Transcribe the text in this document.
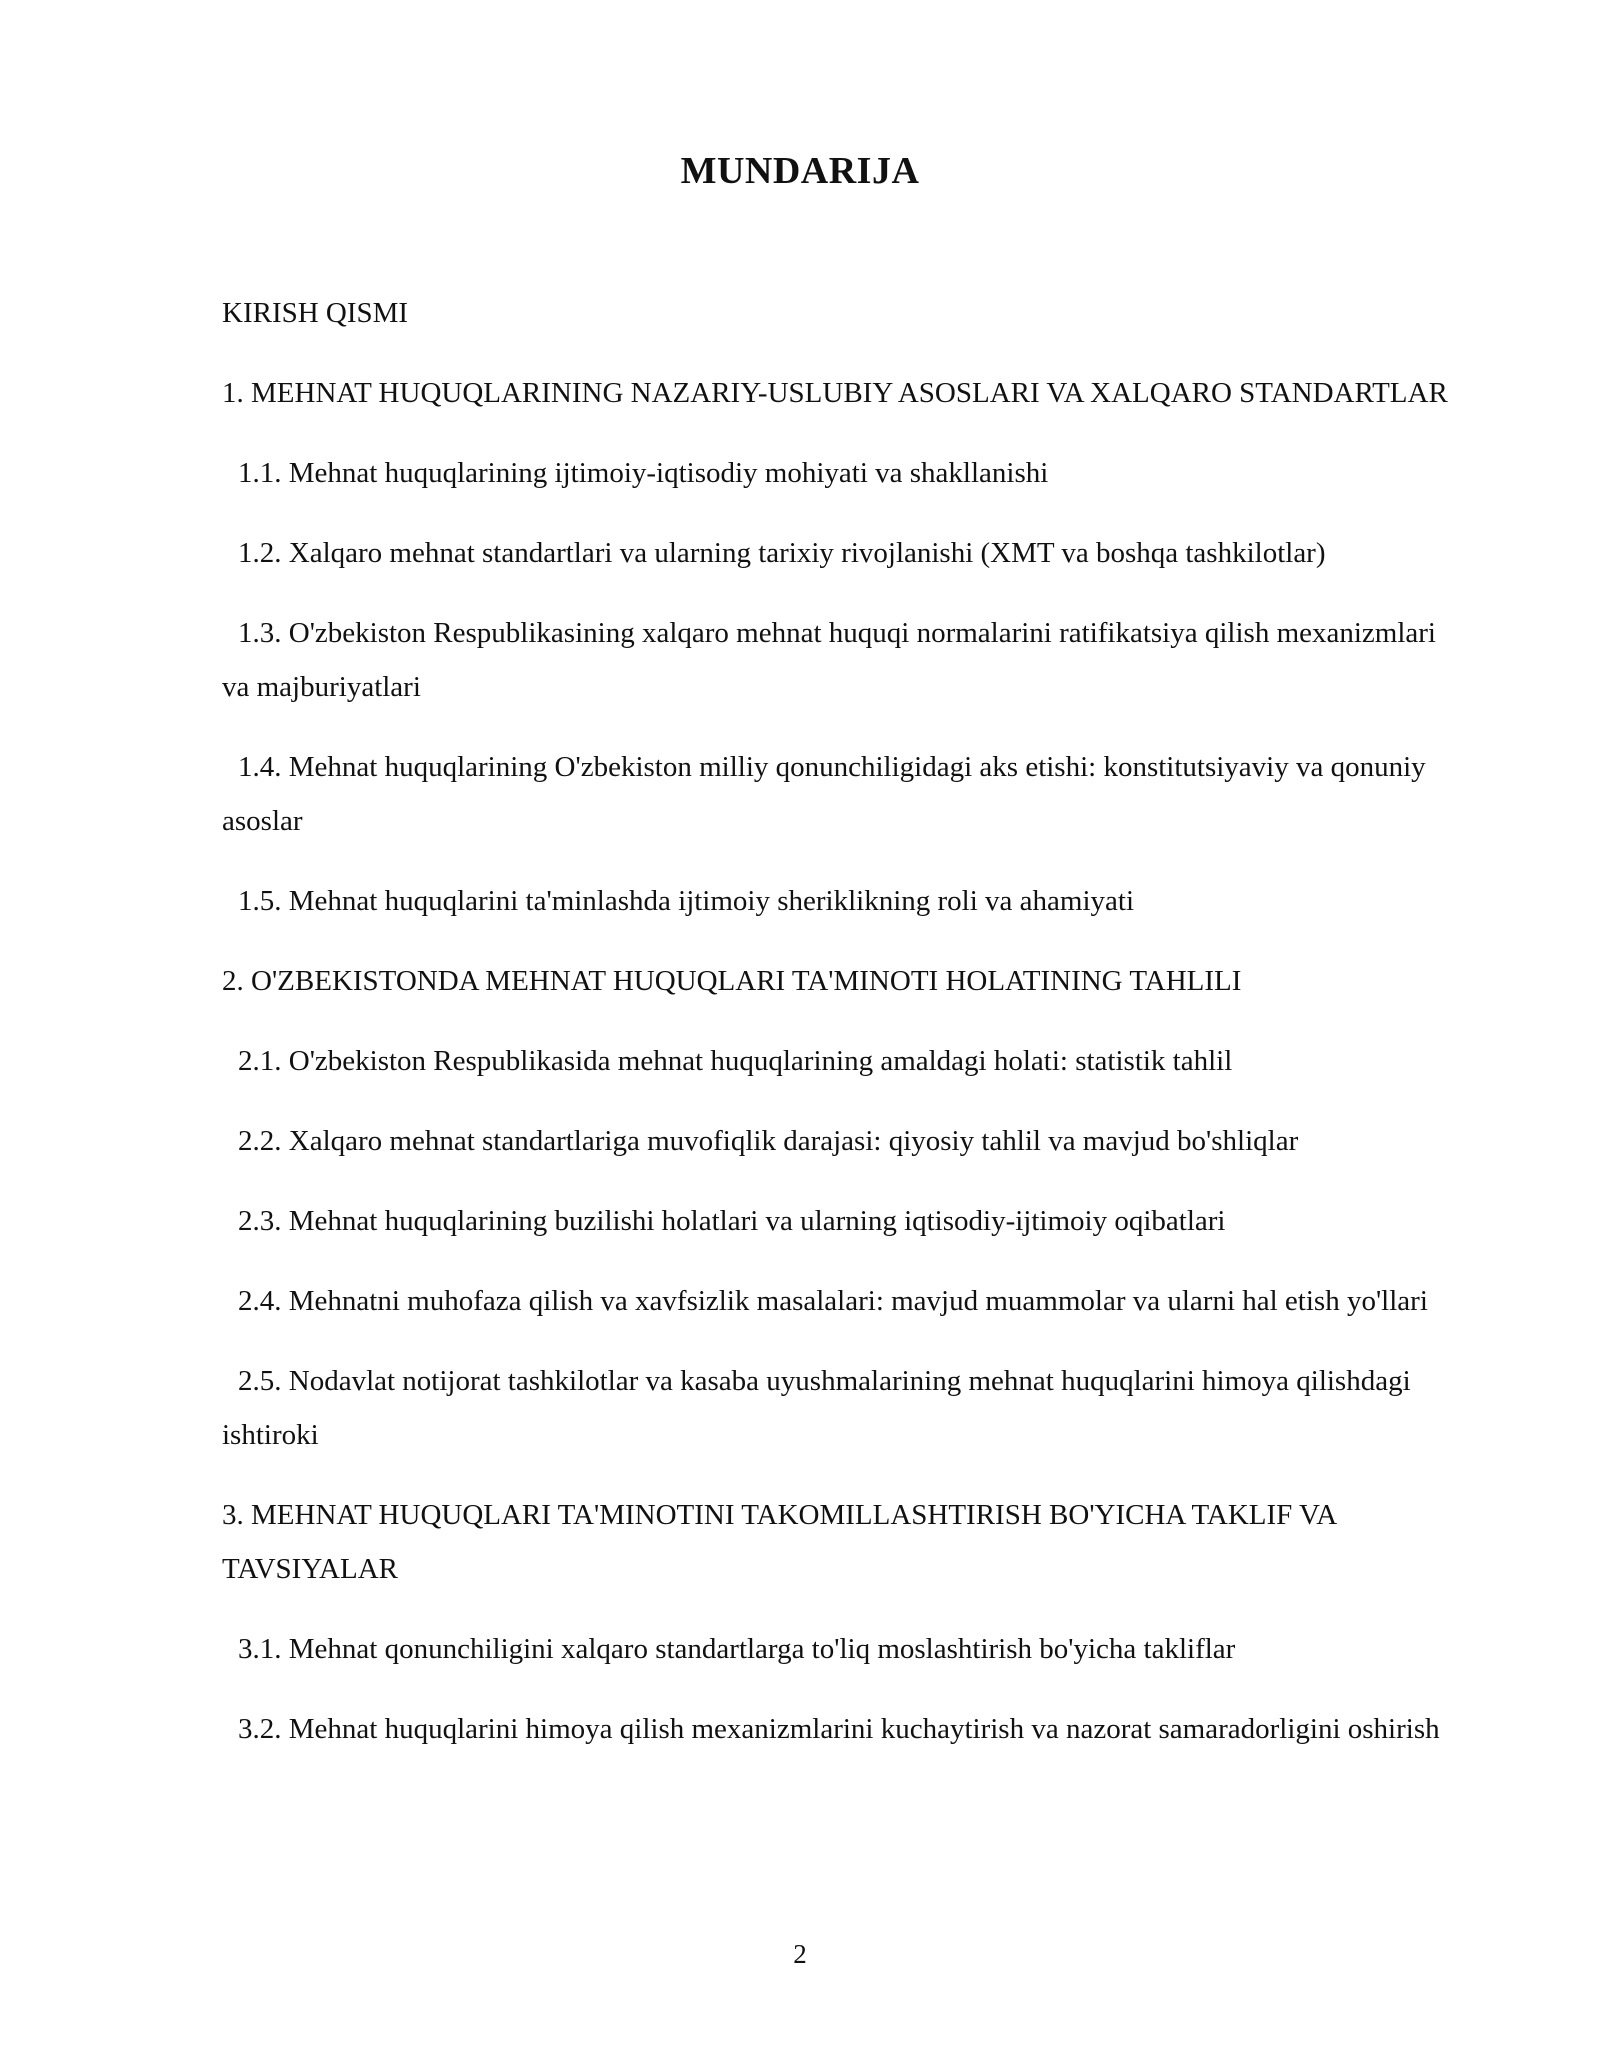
MUNDARIJA

KIRISH QISMI

1. MEHNAT HUQUQLARINING NAZARIY-USLUBIY ASOSLARI VA XALQARO STANDARTLAR

1.1. Mehnat huquqlarining ijtimoiy-iqtisodiy mohiyati va shakllanishi

1.2. Xalqaro mehnat standartlari va ularning tarixiy rivojlanishi (XMT va boshqa tashkilotlar)

1.3. O'zbekiston Respublikasining xalqaro mehnat huquqi normalarini ratifikatsiya qilish mexanizmlari va majburiyatlari

1.4. Mehnat huquqlarining O'zbekiston milliy qonunchiligidagi aks etishi: konstitutsiyaviy va qonuniy asoslar

1.5. Mehnat huquqlarini ta'minlashda ijtimoiy sheriklikning roli va ahamiyati

2. O'ZBEKISTONDA MEHNAT HUQUQLARI TA'MINOTI HOLATINING TAHLILI

2.1. O'zbekiston Respublikasida mehnat huquqlarining amaldagi holati: statistik tahlil

2.2. Xalqaro mehnat standartlariga muvofiqlik darajasi: qiyosiy tahlil va mavjud bo'shliqlar

2.3. Mehnat huquqlarining buzilishi holatlari va ularning iqtisodiy-ijtimoiy oqibatlari

2.4. Mehnatni muhofaza qilish va xavfsizlik masalalari: mavjud muammolar va ularni hal etish yo'llari

2.5. Nodavlat notijorat tashkilotlar va kasaba uyushmalarining mehnat huquqlarini himoya qilishdagi ishtiroki

3. MEHNAT HUQUQLARI TA'MINOTINI TAKOMILLASHTIRISH BO'YICHA TAKLIF VA TAVSIYALAR

3.1. Mehnat qonunchiligini xalqaro standartlarga to'liq moslashtirish bo'yicha takliflar

3.2. Mehnat huquqlarini himoya qilish mexanizmlarini kuchaytirish va nazorat samaradorligini oshirish

2
